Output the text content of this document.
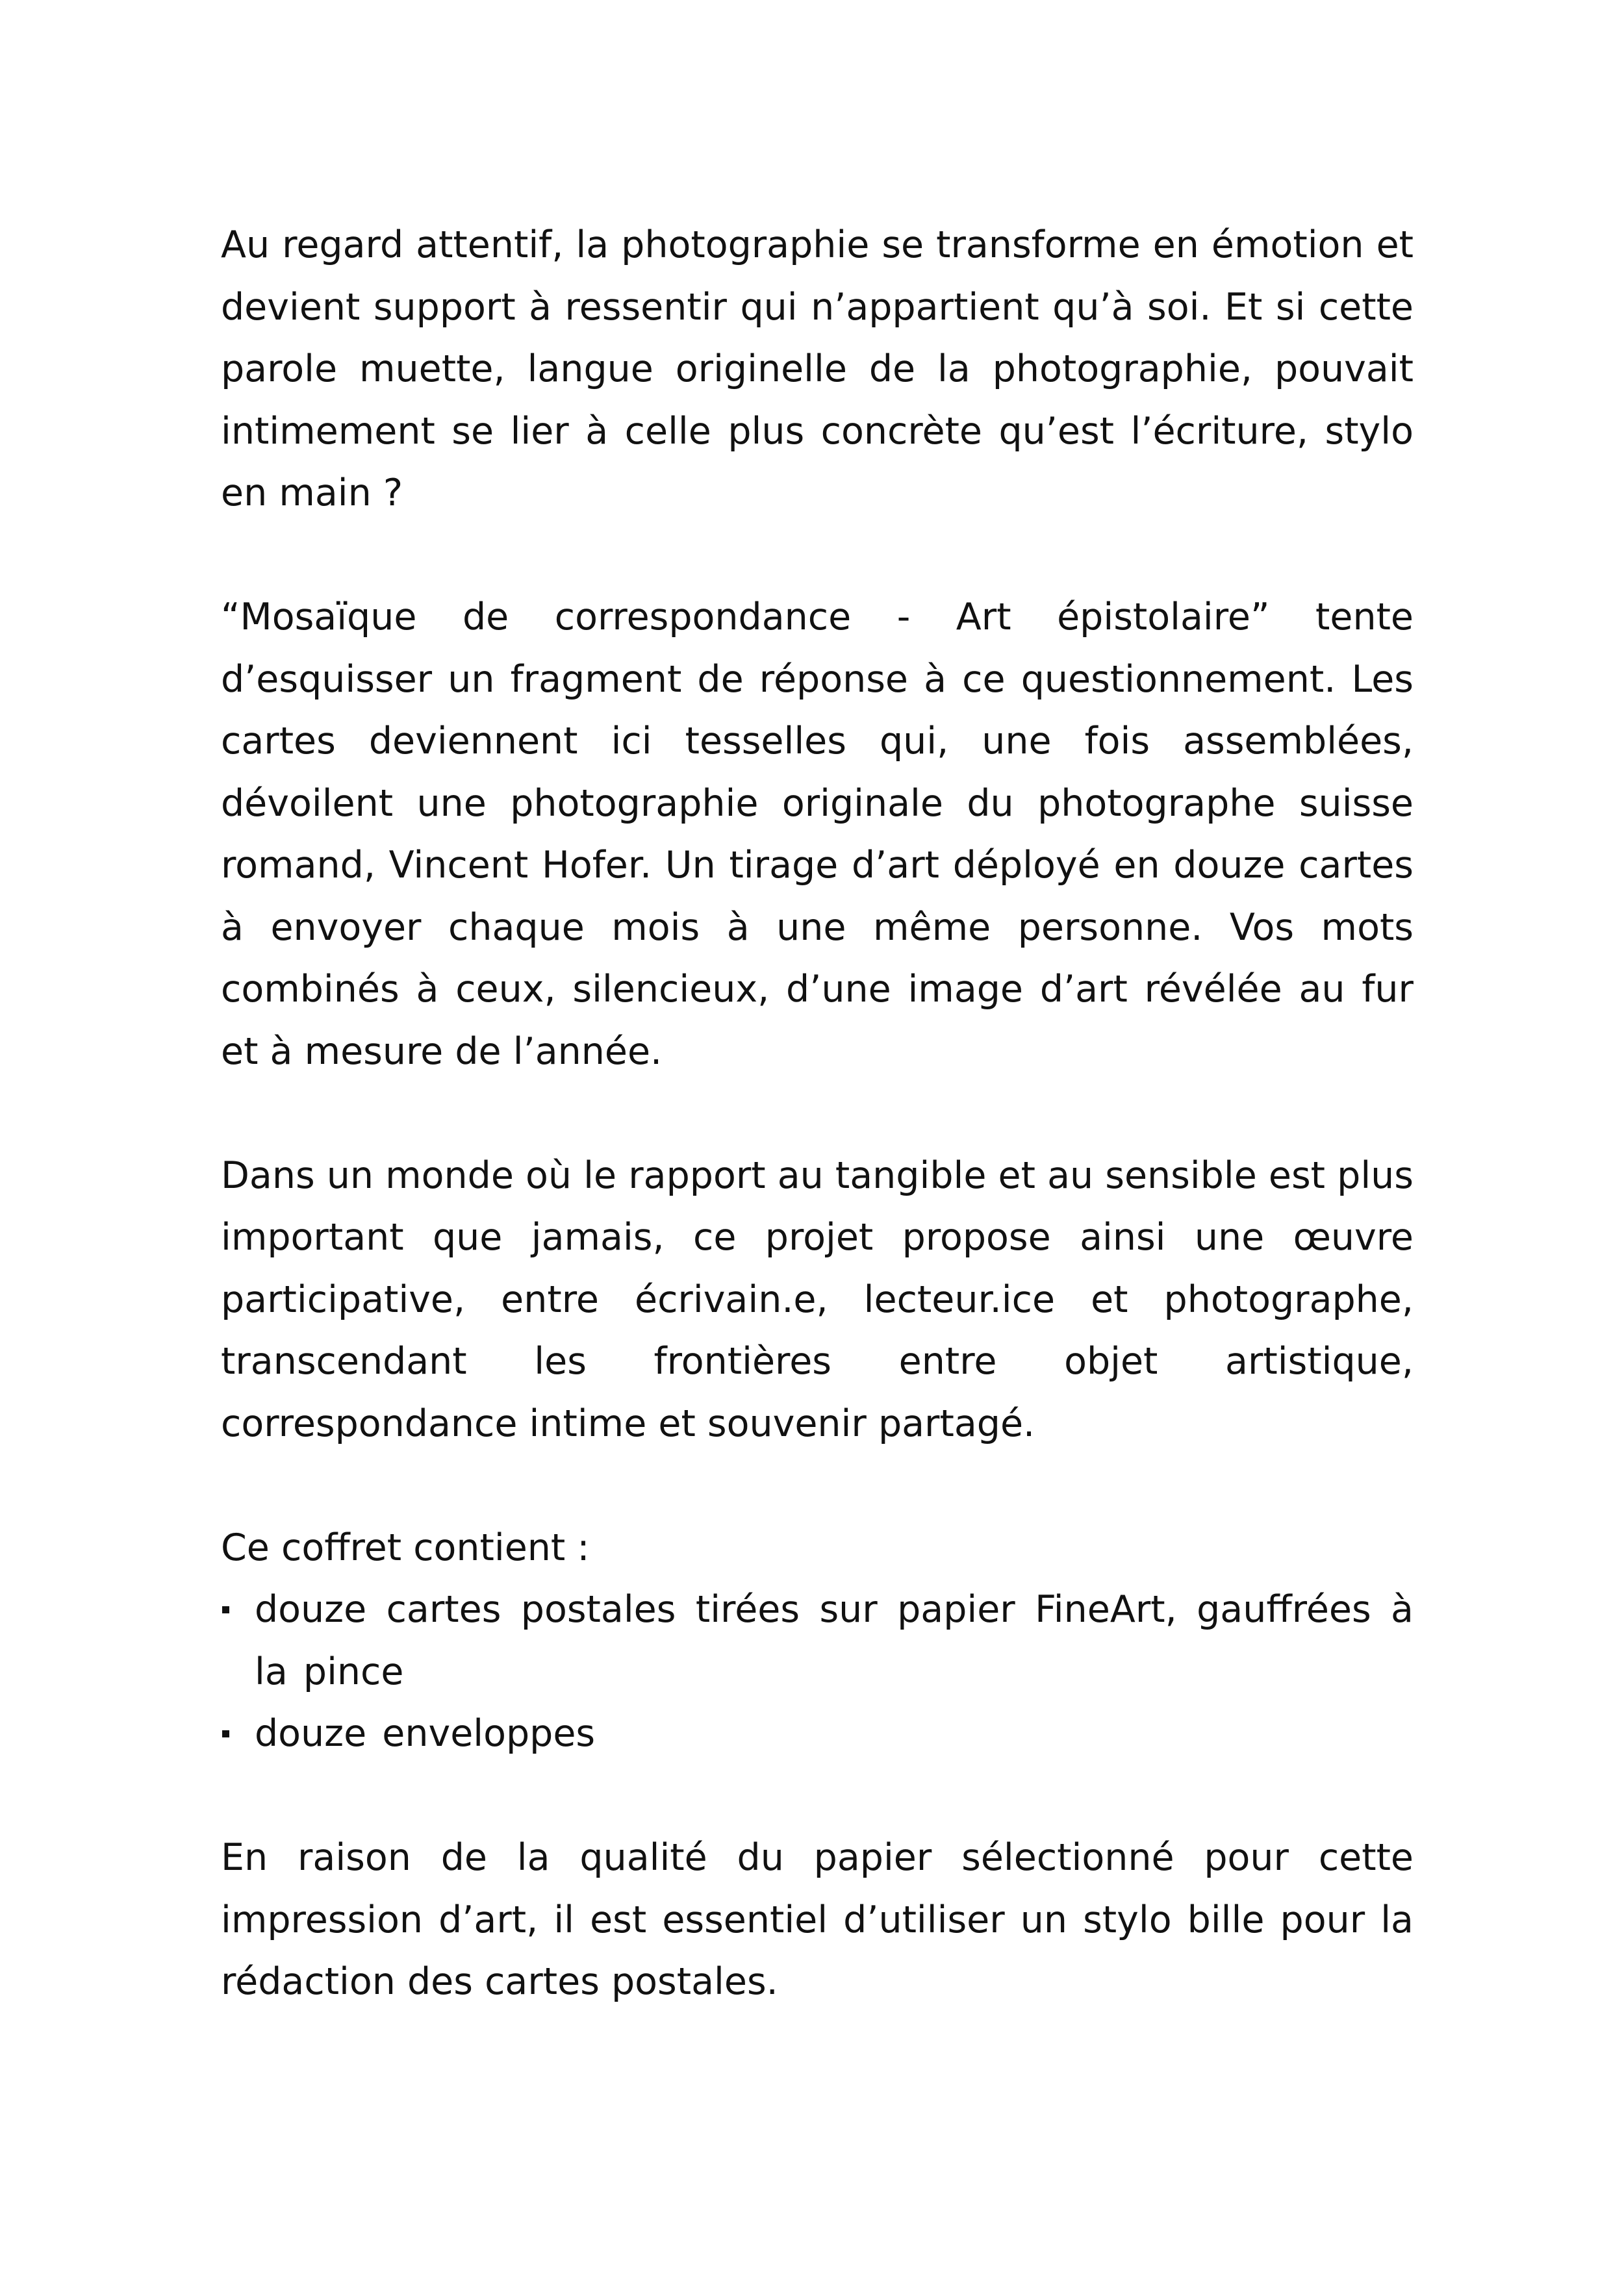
Au regard attentif, la photographie se transforme en émotion et devient support à ressentir qui n’appartient qu’à soi. Et si cette parole muette, langue originelle de la photographie, pouvait intimement se lier à celle plus concrète qu’est l’écriture, stylo en main ?

“Mosaïque de correspondance - Art épistolaire” tente d’esquisser un fragment de réponse à ce questionnement. Les cartes deviennent ici tesselles qui, une fois assemblées, dévoilent une photographie originale du photographe suisse romand, Vincent Hofer. Un tirage d’art déployé en douze cartes à envoyer chaque mois à une même personne. Vos mots combinés à ceux, silencieux, d’une image d’art révélée au fur et à mesure de l’année.

Dans un monde où le rapport au tangible et au sensible est plus important que jamais, ce projet propose ainsi une œuvre participative, entre écrivain.e, lecteur.ice et photographe, transcendant les frontières entre objet artistique, correspondance intime et souvenir partagé.

Ce coffret contient :

douze cartes postales tirées sur papier FineArt, gauffrées à la pince
douze enveloppes

En raison de la qualité du papier sélectionné pour cette impression d’art, il est essentiel d’utiliser un stylo bille pour la rédaction des cartes postales.
